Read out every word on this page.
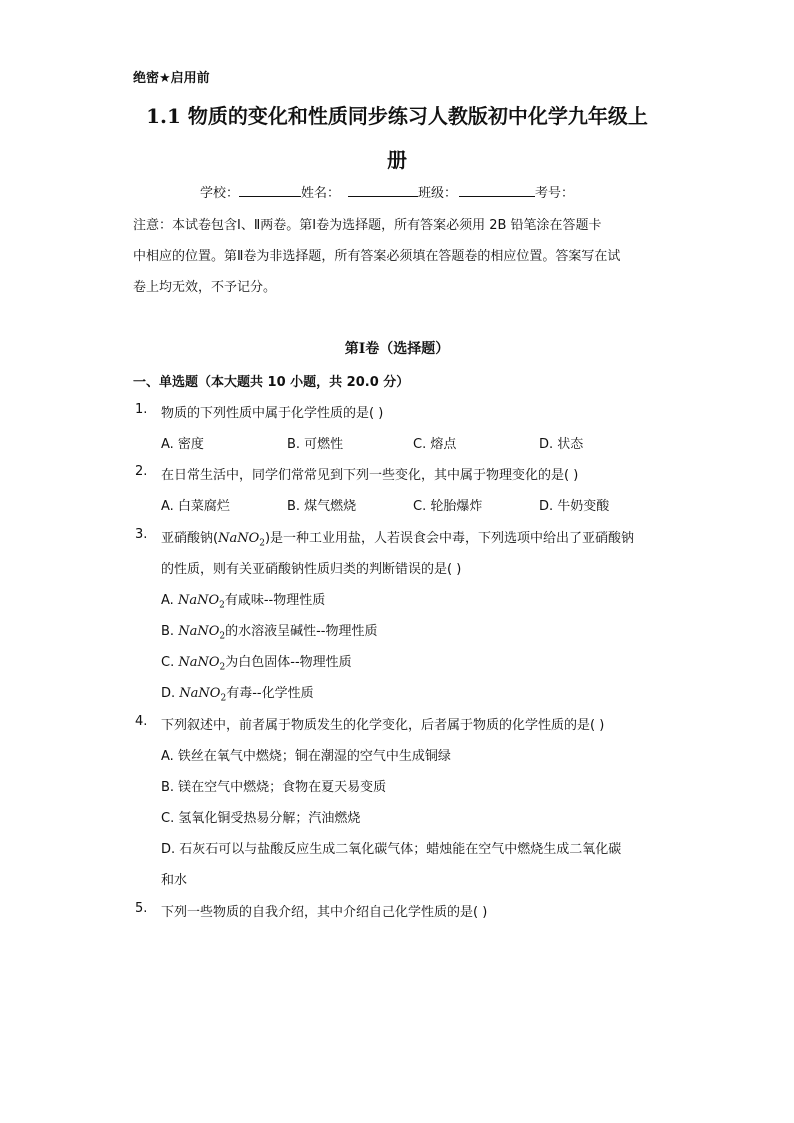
绝密★启用前
1.1 物质的变化和性质同步练习人教版初中化学九年级上
册
学校：	姓名：	班级：	考号：
注意：本试卷包含Ⅰ、Ⅱ两卷。第Ⅰ卷为选择题，所有答案必须用 2B 铅笔涂在答题卡
中相应的位置。第Ⅱ卷为非选择题，所有答案必须填在答题卷的相应位置。答案写在试
卷上均无效，不予记分。
第Ⅰ卷（选择题）
一、单选题（本大题共 10 小题，共 20.0 分）
1. 物质的下列性质中属于化学性质的是( )
A. 密度	B. 可燃性	C. 熔点	D. 状态
2. 在日常生活中，同学们常常见到下列一些变化，其中属于物理变化的是( )
A. 白菜腐烂	B. 煤气燃烧	C. 轮胎爆炸	D. 牛奶变酸
3. 亚硝酸钠(NaNO$_2$)是一种工业用盐，人若误食会中毒，下列选项中给出了亚硝酸钠
的性质，则有关亚硝酸钠性质归类的判断错误的是( )
A. NaNO$_2$有咸味--物理性质
B. NaNO$_2$的水溶液呈碱性--物理性质
C. NaNO$_2$为白色固体--物理性质
D. NaNO$_2$有毒--化学性质
4. 下列叙述中，前者属于物质发生的化学变化，后者属于物质的化学性质的是( )
A. 铁丝在氧气中燃烧；铜在潮湿的空气中生成铜绿
B. 镁在空气中燃烧；食物在夏天易变质
C. 氢氧化铜受热易分解；汽油燃烧
D. 石灰石可以与盐酸反应生成二氧化碳气体；蜡烛能在空气中燃烧生成二氧化碳
和水
5. 下列一些物质的自我介绍，其中介绍自己化学性质的是( )
